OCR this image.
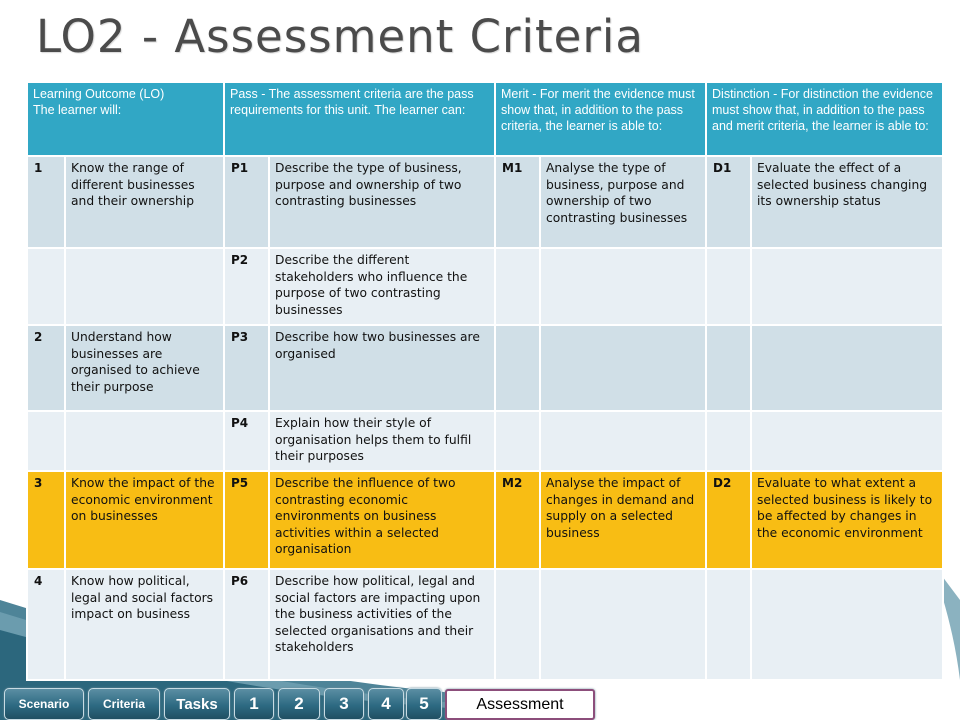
LO2 - Assessment Criteria
Learning Outcome (LO)
The learner will:		Pass - The assessment criteria are the pass requirements for this unit. The learner can:		Merit - For merit the evidence must show that, in addition to the pass criteria, the learner is able to:		Distinction - For distinction the evidence must show that, in addition to the pass and merit criteria, the learner is able to:	
1	Know the range of different businesses and their ownership	P1	Describe the type of business, purpose and ownership of two contrasting businesses	M1	Analyse the type of business, purpose and ownership of two contrasting businesses	D1	Evaluate the effect of a selected business changing its ownership status
		P2	Describe the different stakeholders who influence the purpose of two contrasting businesses				
2	Understand how businesses are organised to achieve their purpose	P3	Describe how two businesses are organised				
		P4	Explain how their style of organisation helps them to fulfil their purposes				
3	Know the impact of the economic environment on businesses	P5	Describe the influence of two contrasting economic environments on business activities within a selected organisation	M2	Analyse the impact of changes in demand and supply on a selected business	D2	Evaluate to what extent a selected business is likely to be affected by changes in the economic environment
4	Know how political, legal and social factors impact on business	P6	Describe how political, legal and social factors are impacting upon the business activities of the selected organisations and their stakeholders				
Scenario	Criteria	Tasks	1	2	3	4	5	Assessment
